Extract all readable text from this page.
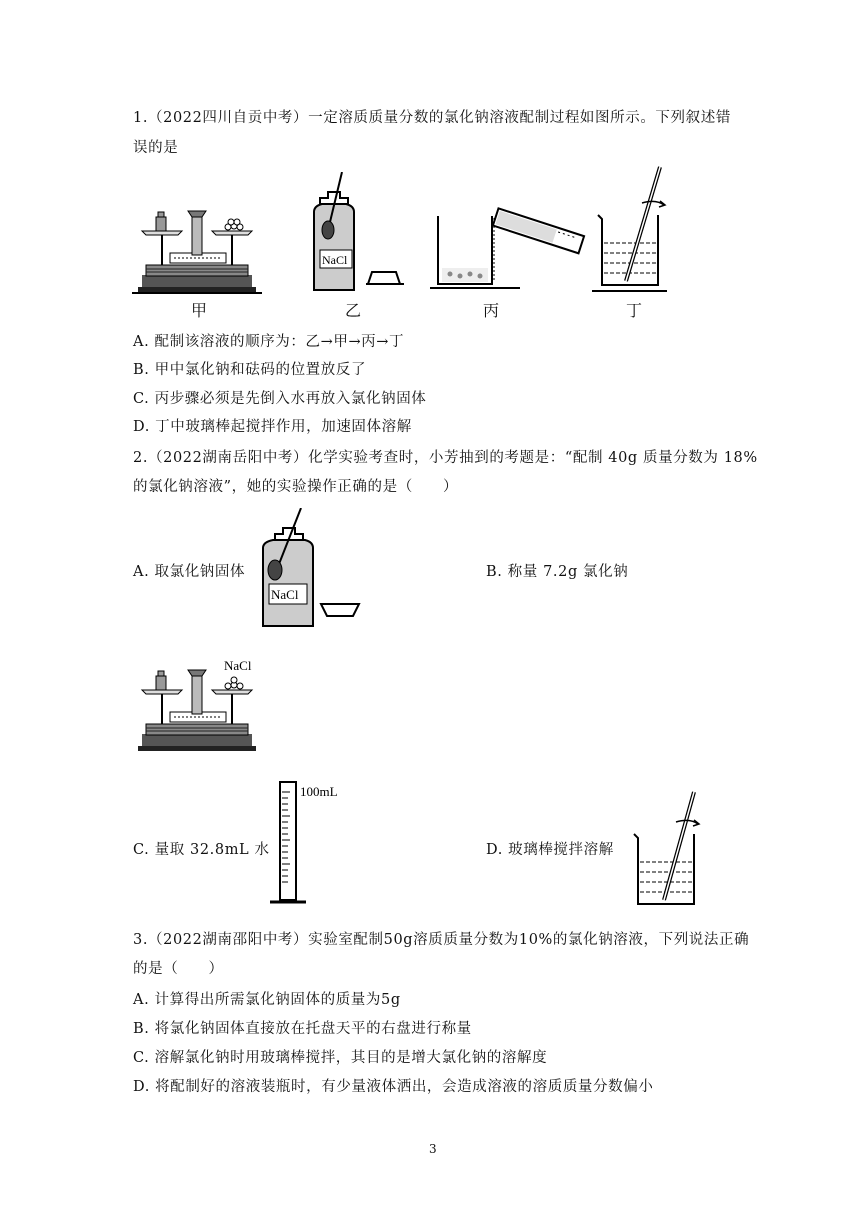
1.（2022四川自贡中考）一定溶质质量分数的氯化钠溶液配制过程如图所示。下列叙述错
误的是
NaCl
甲	乙	丙	丁
A. 配制该溶液的顺序为：乙→甲→丙→丁
B. 甲中氯化钠和砝码的位置放反了
C. 丙步骤必须是先倒入水再放入氯化钠固体
D. 丁中玻璃棒起搅拌作用，加速固体溶解
2.（2022湖南岳阳中考）化学实验考查时，小芳抽到的考题是：“配制 40g 质量分数为 18%
的氯化钠溶液”，她的实验操作正确的是（　　）
A. 取氯化钠固体
NaCl
B. 称量 7.2g 氯化钠
NaCl
C. 量取 32.8mL 水
100mL
D. 玻璃棒搅拌溶解
3.（2022湖南邵阳中考）实验室配制50g溶质质量分数为10%的氯化钠溶液，下列说法正确
的是（　　）
A. 计算得出所需氯化钠固体的质量为5g
B. 将氯化钠固体直接放在托盘天平的右盘进行称量
C. 溶解氯化钠时用玻璃棒搅拌，其目的是增大氯化钠的溶解度
D. 将配制好的溶液装瓶时，有少量液体洒出，会造成溶液的溶质质量分数偏小
3
